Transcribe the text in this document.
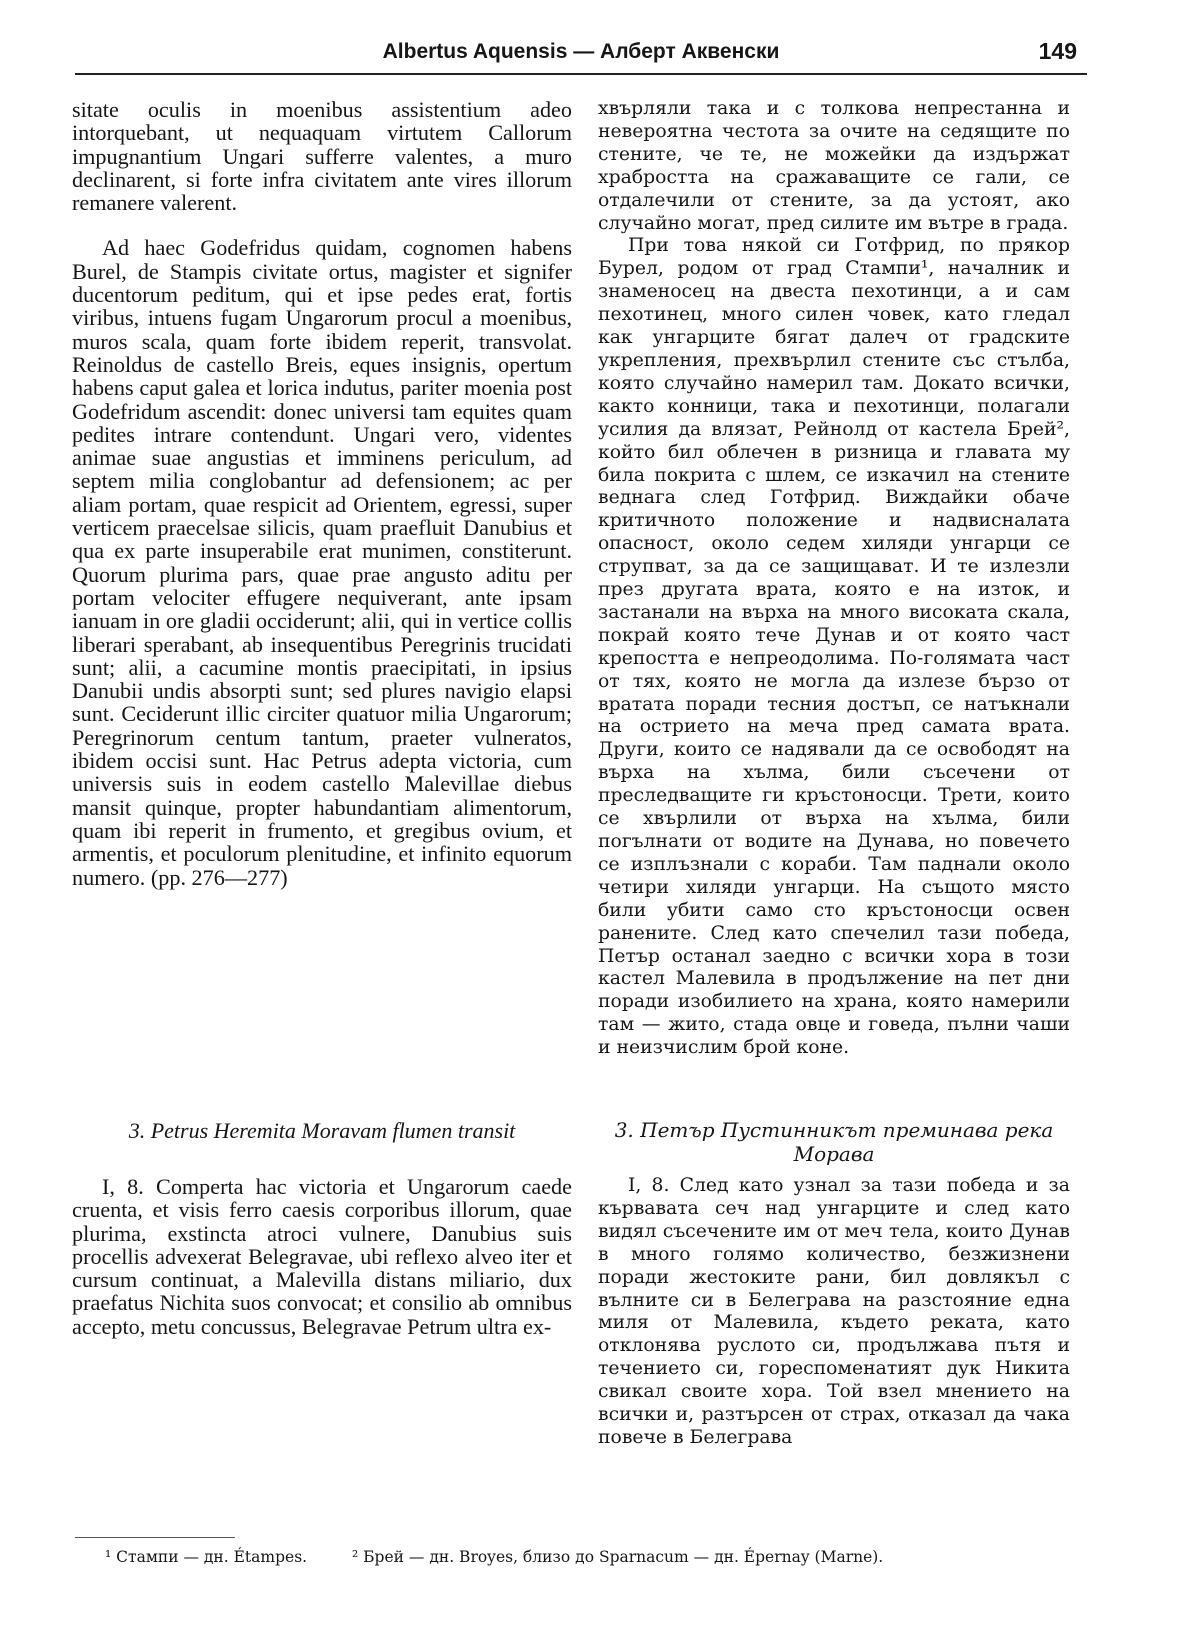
Albertus Aquensis — Алберт Аквенски	149

sitate oculis in moenibus assistentium adeo intorquebant, ut nequaquam virtutem Callorum impugnantium Ungari sufferre valentes, a muro declinarent, si forte infra civitatem ante vires illorum remanere valerent.

Ad haec Godefridus quidam, cognomen habens Burel, de Stampis civitate ortus, magister et signifer ducentorum peditum, qui et ipse pedes erat, fortis viribus, intuens fugam Ungarorum procul a moenibus, muros scala, quam forte ibidem reperit, transvolat. Reinoldus de castello Breis, eques insignis, opertum habens caput galea et lorica indutus, pariter moenia post Godefridum ascendit: donec universi tam equites quam pedites intrare contendunt. Ungari vero, videntes animae suae angustias et imminens periculum, ad septem milia conglobantur ad defensionem; ac per aliam portam, quae respicit ad Orientem, egressi, super verticem praecelsae silicis, quam praefluit Danubius et qua ex parte insuperabile erat munimen, constiterunt. Quorum plurima pars, quae prae angusto aditu per portam velociter effugere nequiverant, ante ipsam ianuam in ore gladii occiderunt; alii, qui in vertice collis liberari sperabant, ab insequentibus Peregrinis trucidati sunt; alii, a cacumine montis praecipitati, in ipsius Danubii undis absorpti sunt; sed plures navigio elapsi sunt. Ceciderunt illic circiter quatuor milia Ungarorum; Peregrinorum centum tantum, praeter vulneratos, ibidem occisi sunt. Hac Petrus adepta victoria, cum universis suis in eodem castello Malevillae diebus mansit quinque, propter habundantiam alimentorum, quam ibi reperit in frumento, et gregibus ovium, et armentis, et poculorum plenitudine, et infinito equorum numero. (pp. 276—277)

хвърляли така и с толкова непрестанна и невероятна честота за очите на седящите по стените, че те, не можейки да издържат храбростта на сражаващите се гали, се отдалечили от стените, за да устоят, ако случайно могат, пред силите им вътре в града.

При това някой си Готфрид, по прякор Бурел, родом от град Стампи¹, началник и знаменосец на двеста пехотинци, а и сам пехотинец, много силен човек, като гледал как унгарците бягат далеч от градските укрепления, прехвърлил стените със стълба, която случайно намерил там. Докато всички, както конници, така и пехотинци, полагали усилия да влязат, Рейнолд от кастела Брей², който бил облечен в ризница и главата му била покрита с шлем, се изкачил на стените веднага след Готфрид. Виждайки обаче критичното положение и надвисналата опасност, около седем хиляди унгарци се струпват, за да се защищават. И те излезли през другата врата, която е на изток, и застанали на върха на много високата скала, покрай която тече Дунав и от която част крепостта е непреодолима. По-голямата част от тях, която не могла да излезе бързо от вратата поради тесния достъп, се натъкнали на острието на меча пред самата врата. Други, които се надявали да се освободят на върха на хълма, били съсечени от преследващите ги кръстоносци. Трети, които се хвърлили от върха на хълма, били погълнати от водите на Дунава, но повечето се изплъзнали с кораби. Там паднали около четири хиляди унгарци. На същото място били убити само сто кръстоносци освен ранените. След като спечелил тази победа, Петър останал заедно с всички хора в този кастел Малевила в продължение на пет дни поради изобилието на храна, която намерили там — жито, стада овце и говеда, пълни чаши и неизчислим брой коне.

3. Petrus Heremita Moravam flumen transit	3. Петър Пустинникът преминава река Морава

I, 8. Comperta hac victoria et Ungarorum caede cruenta, et visis ferro caesis corporibus illorum, quae plurima, exstincta atroci vulnere, Danubius suis procellis advexerat Belegravae, ubi reflexo alveo iter et cursum continuat, a Malevilla distans miliario, dux praefatus Nichita suos convocat; et consilio ab omnibus accepto, metu concussus, Belegravae Petrum ultra ex-

I, 8. След като узнал за тази победа и за кървавата сеч над унгарците и след като видял съсечените им от меч тела, които Дунав в много голямо количество, безжизнени поради жестоките рани, бил довлякъл с вълните си в Белеграва на разстояние една миля от Малевила, където реката, като отклонява руслото си, продължава пътя и течението си, гореспоменатият дук Никита свикал своите хора. Той взел мнението на всички и, разтърсен от страх, отказал да чака повече в Белеграва

¹ Стампи — дн. Étampes.	² Брей — дн. Broyes, близо до Sparnacum — дн. Épernay (Marne).
